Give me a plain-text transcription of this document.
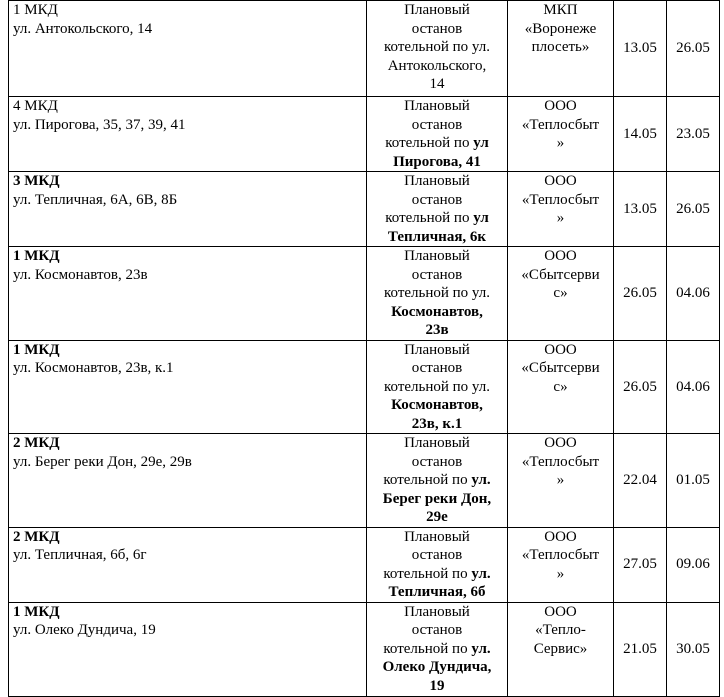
1 МКД
ул. Антокольского, 14	Плановый
останов
котельной по ул.
Антокольского,
14	МКП
«Воронеже
плосеть»	13.05	26.05

4 МКД
ул. Пирогова, 35, 37, 39, 41	Плановый
останов
котельной по ул
Пирогова, 41	ООО
«Теплосбыт
»	14.05	23.05

3 МКД
ул. Тепличная, 6А, 6В, 8Б	Плановый
останов
котельной по ул
Тепличная, 6к	ООО
«Теплосбыт
»	13.05	26.05

1 МКД
ул. Космонавтов, 23в	Плановый
останов
котельной по ул.
Космонавтов,
23в	ООО
«Сбытсерви
с»	26.05	04.06

1 МКД
ул. Космонавтов, 23в, к.1	Плановый
останов
котельной по ул.
Космонавтов,
23в, к.1	ООО
«Сбытсерви
с»	26.05	04.06

2 МКД
ул. Берег реки Дон, 29е, 29в	Плановый
останов
котельной по ул.
Берег реки Дон,
29е	ООО
«Теплосбыт
»	22.04	01.05

2 МКД
ул. Тепличная, 6б, 6г	Плановый
останов
котельной по ул.
Тепличная, 6б	ООО
«Теплосбыт
»	27.05	09.06

1 МКД
ул. Олеко Дундича, 19	Плановый
останов
котельной по ул.
Олеко Дундича,
19	ООО
«Тепло-
Сервис»	21.05	30.05
